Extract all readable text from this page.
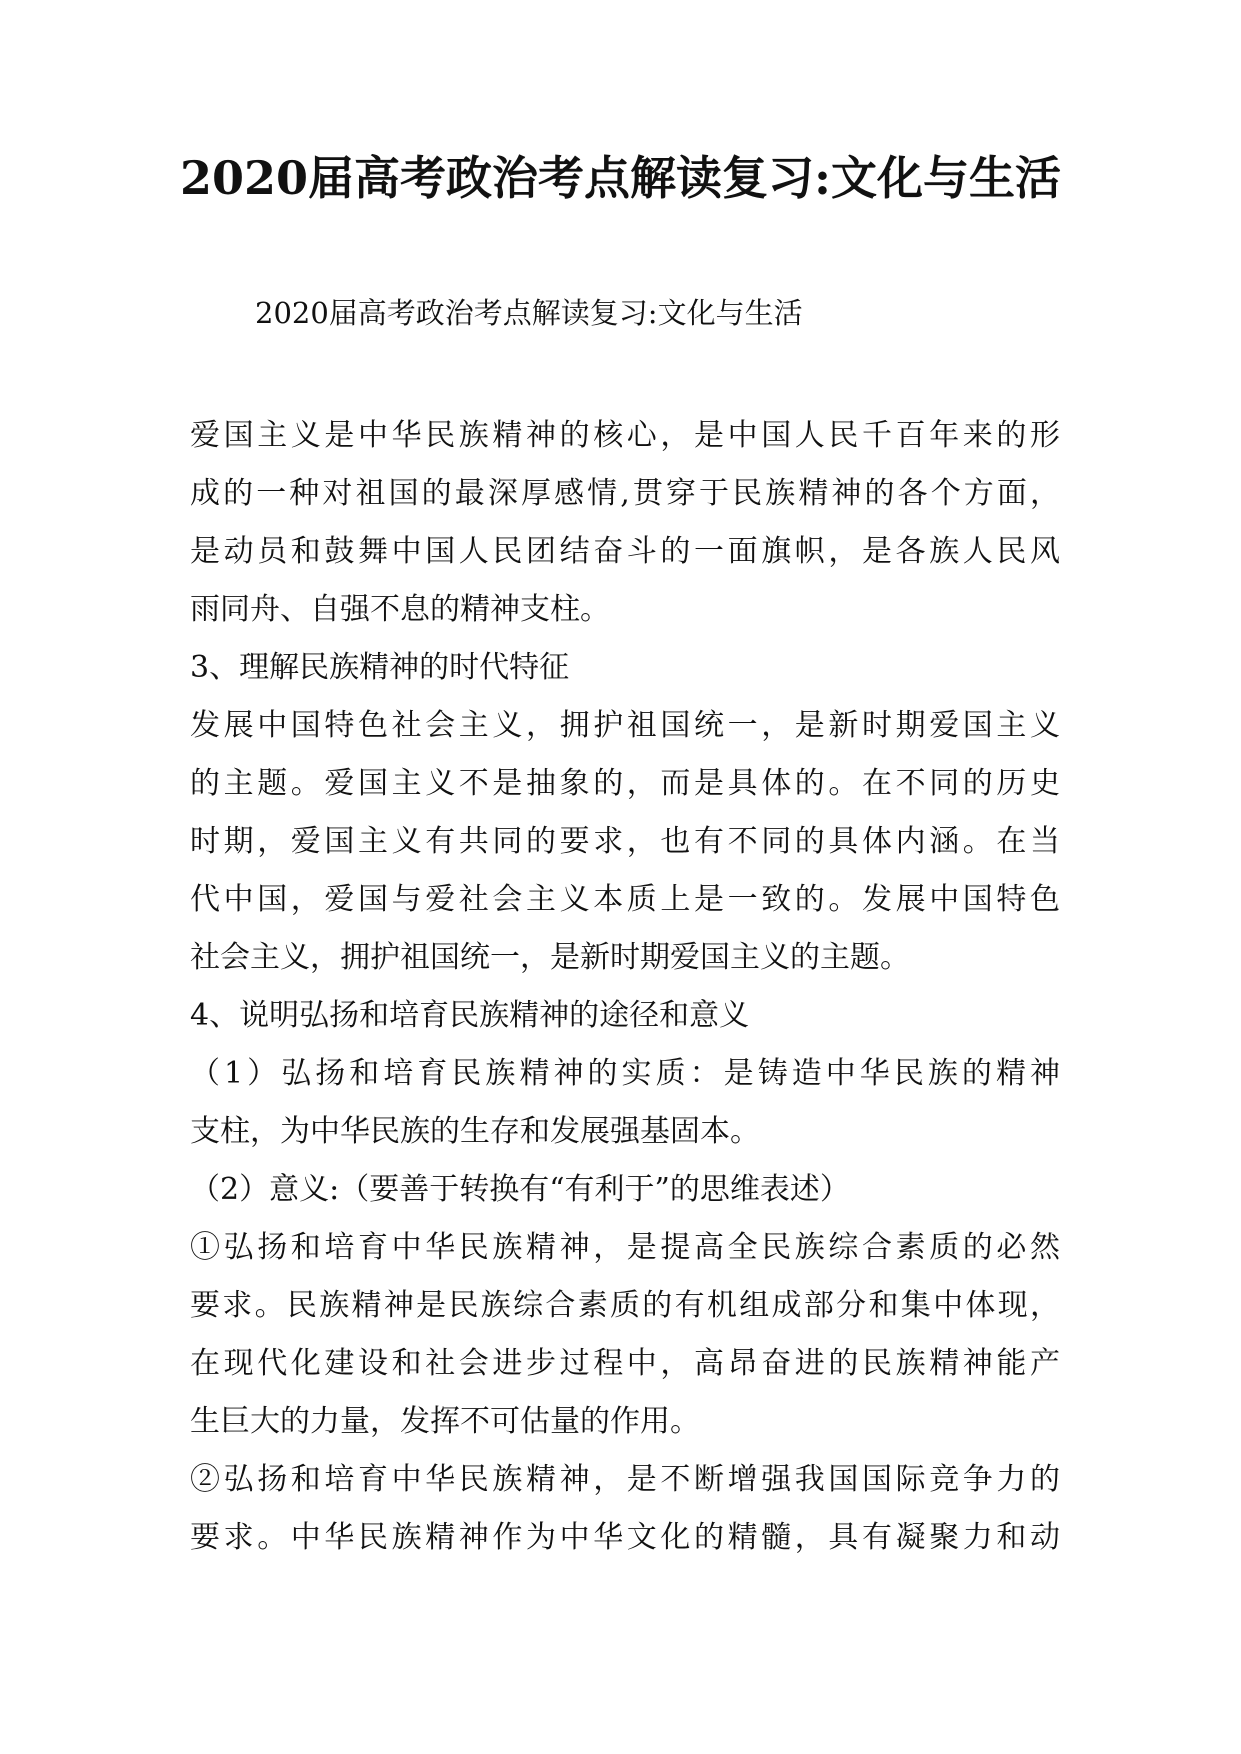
2020届高考政治考点解读复习:文化与生活

2020届高考政治考点解读复习:文化与生活

爱国主义是中华民族精神的核心，是中国人民千百年来的形
成的一种对祖国的最深厚感情,贯穿于民族精神的各个方面，
是动员和鼓舞中国人民团结奋斗的一面旗帜，是各族人民风
雨同舟、自强不息的精神支柱。
3、理解民族精神的时代特征
发展中国特色社会主义，拥护祖国统一，是新时期爱国主义
的主题。爱国主义不是抽象的，而是具体的。在不同的历史
时期，爱国主义有共同的要求，也有不同的具体内涵。在当
代中国，爱国与爱社会主义本质上是一致的。发展中国特色
社会主义，拥护祖国统一，是新时期爱国主义的主题。
4、说明弘扬和培育民族精神的途径和意义
（1）弘扬和培育民族精神的实质：是铸造中华民族的精神
支柱，为中华民族的生存和发展强基固本。
（2）意义:（要善于转换有“有利于”的思维表述）
①弘扬和培育中华民族精神，是提高全民族综合素质的必然
要求。民族精神是民族综合素质的有机组成部分和集中体现，
在现代化建设和社会进步过程中，高昂奋进的民族精神能产
生巨大的力量，发挥不可估量的作用。
②弘扬和培育中华民族精神，是不断增强我国国际竞争力的
要求。中华民族精神作为中华文化的精髓，具有凝聚力和动
